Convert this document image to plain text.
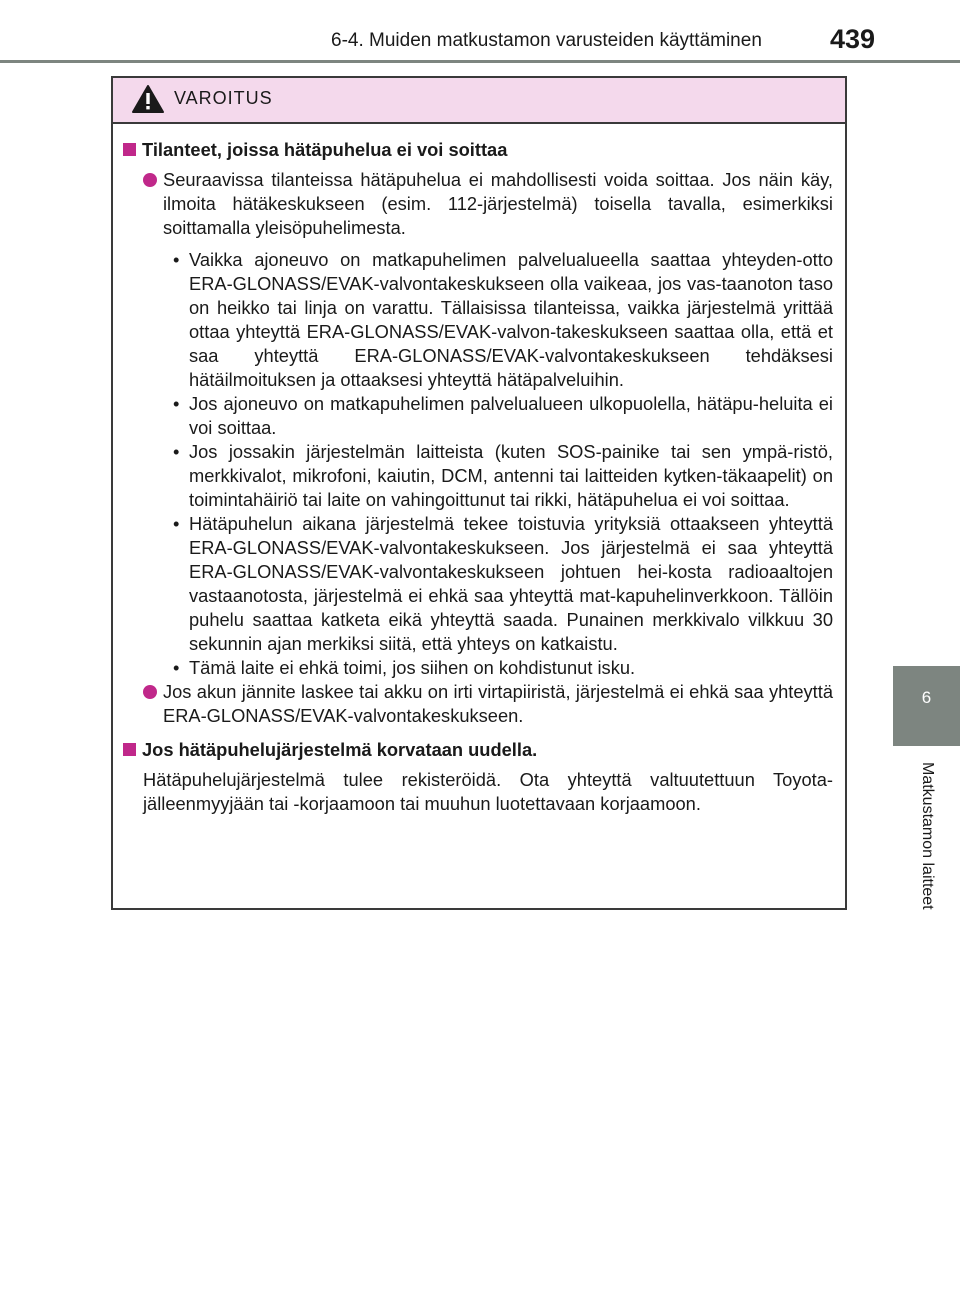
6-4. Muiden matkustamon varusteiden käyttäminen	439
6
Matkustamon laitteet
VAROITUS
Tilanteet, joissa hätäpuhelua ei voi soittaa
Seuraavissa tilanteissa hätäpuhelua ei mahdollisesti voida soittaa. Jos näin käy, ilmoita hätäkeskukseen (esim. 112-järjestelmä) toisella tavalla, esimerkiksi soittamalla yleisöpuhelimesta.
• Vaikka ajoneuvo on matkapuhelimen palvelualueella saattaa yhteyden-otto ERA-GLONASS/EVAK-valvontakeskukseen olla vaikeaa, jos vas-taanoton taso on heikko tai linja on varattu. Tällaisissa tilanteissa, vaikka järjestelmä yrittää ottaa yhteyttä ERA-GLONASS/EVAK-valvon-takeskukseen saattaa olla, että et saa yhteyttä ERA-GLONASS/EVAK-valvontakeskukseen tehdäksesi hätäilmoituksen ja ottaaksesi yhteyttä hätäpalveluihin.
• Jos ajoneuvo on matkapuhelimen palvelualueen ulkopuolella, hätäpu-heluita ei voi soittaa.
• Jos jossakin järjestelmän laitteista (kuten SOS-painike tai sen ympä-ristö, merkkivalot, mikrofoni, kaiutin, DCM, antenni tai laitteiden kytken-täkaapelit) on toimintahäiriö tai laite on vahingoittunut tai rikki, hätäpuhelua ei voi soittaa.
• Hätäpuhelun aikana järjestelmä tekee toistuvia yrityksiä ottaakseen yhteyttä ERA-GLONASS/EVAK-valvontakeskukseen. Jos järjestelmä ei saa yhteyttä ERA-GLONASS/EVAK-valvontakeskukseen johtuen hei-kosta radioaaltojen vastaanotosta, järjestelmä ei ehkä saa yhteyttä mat-kapuhelinverkkoon. Tällöin puhelu saattaa katketa eikä yhteyttä saada. Punainen merkkivalo vilkkuu 30 sekunnin ajan merkiksi siitä, että yhteys on katkaistu.
• Tämä laite ei ehkä toimi, jos siihen on kohdistunut isku.
Jos akun jännite laskee tai akku on irti virtapiiristä, järjestelmä ei ehkä saa yhteyttä ERA-GLONASS/EVAK-valvontakeskukseen.
Jos hätäpuhelujärjestelmä korvataan uudella.
Hätäpuhelujärjestelmä tulee rekisteröidä. Ota yhteyttä valtuutettuun Toyota-jälleenmyyjään tai -korjaamoon tai muuhun luotettavaan korjaamoon.
